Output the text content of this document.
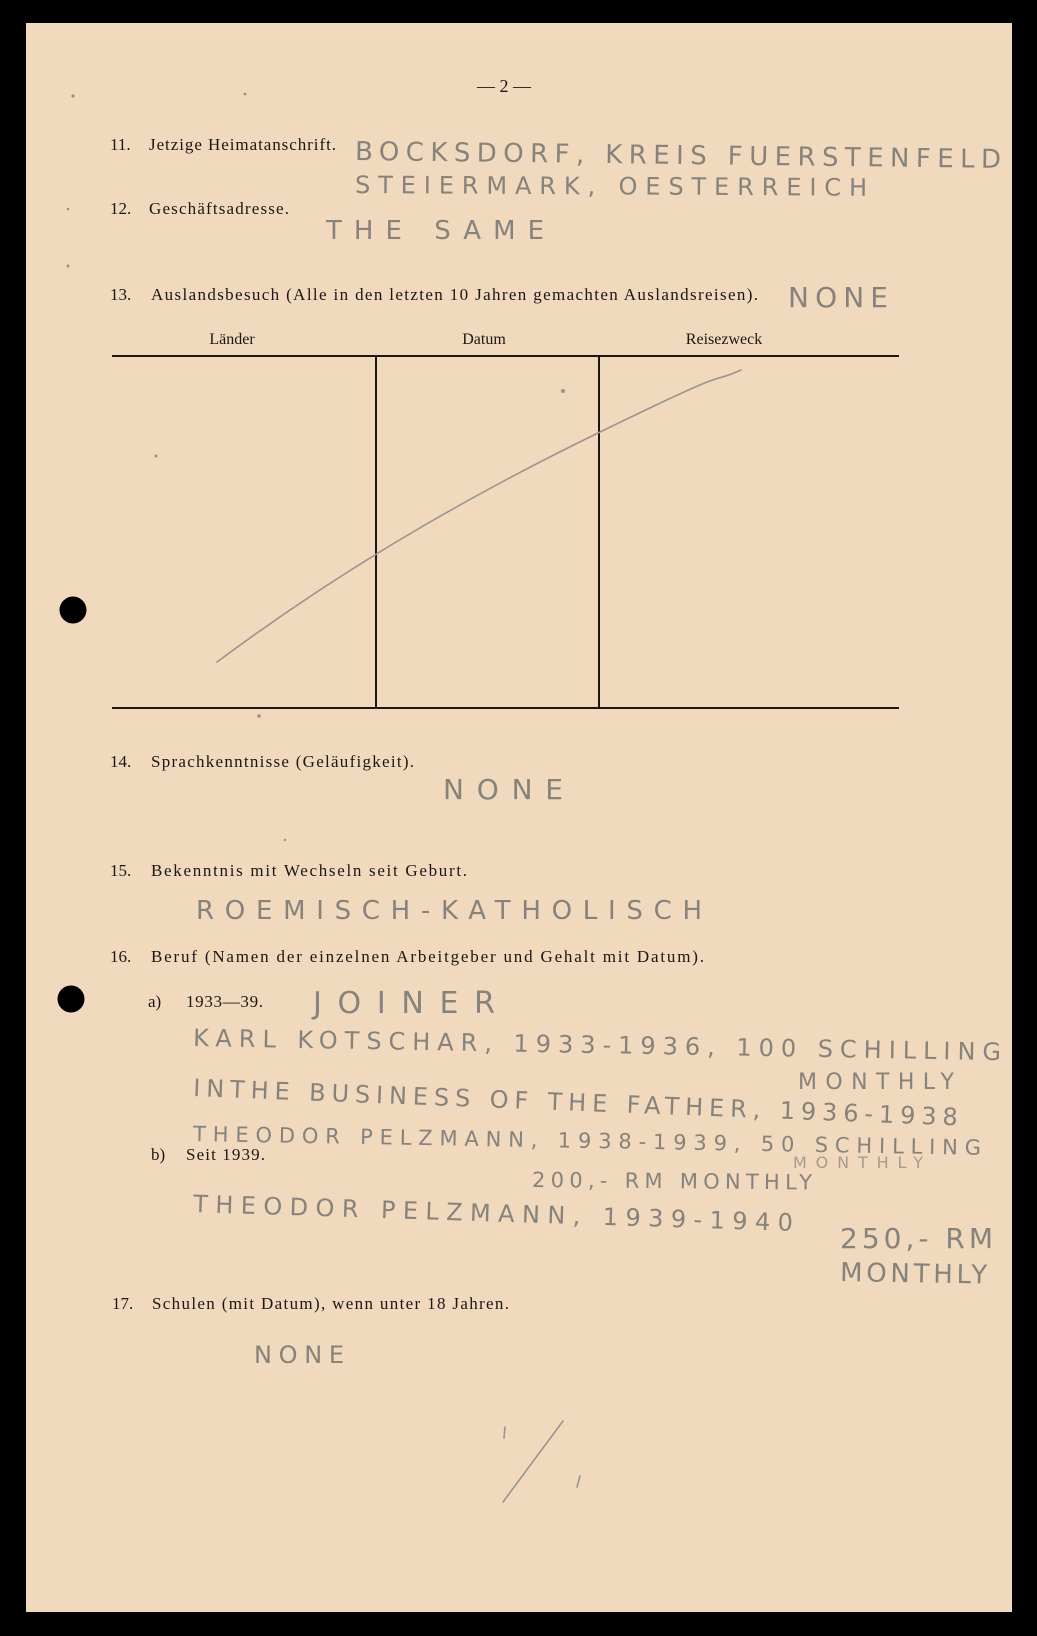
— 2 —
11. Jetzige Heimatanschrift. BOCKSDORF, KREIS FUERSTENFELD
STEIERMARK, OESTERREICH
12. Geschäftsadresse.
THE SAME
13. Auslandsbesuch (Alle in den letzten 10 Jahren gemachten Auslandsreisen). NONE
Länder	Datum	Reisezweck
14. Sprachkenntnisse (Geläufigkeit).
NONE
15. Bekenntnis mit Wechseln seit Geburt.
ROEMISCH-KATHOLISCH
16. Beruf (Namen der einzelnen Arbeitgeber und Gehalt mit Datum).
a) 1933—39.
b) Seit 1939.
JOINER
KARL KOTSCHAR, 1933-1936, 100 SCHILLING
MONTHLY
INTHE BUSINESS OF THE FATHER, 1936-1938
THEODOR PELZMANN, 1938-1939, 50 SCHILLING
MONTHLY
200,- RM MONTHLY
THEODOR PELZMANN, 1939-1940 250,- RM
MONTHLY
17. Schulen (mit Datum), wenn unter 18 Jahren.
NONE
